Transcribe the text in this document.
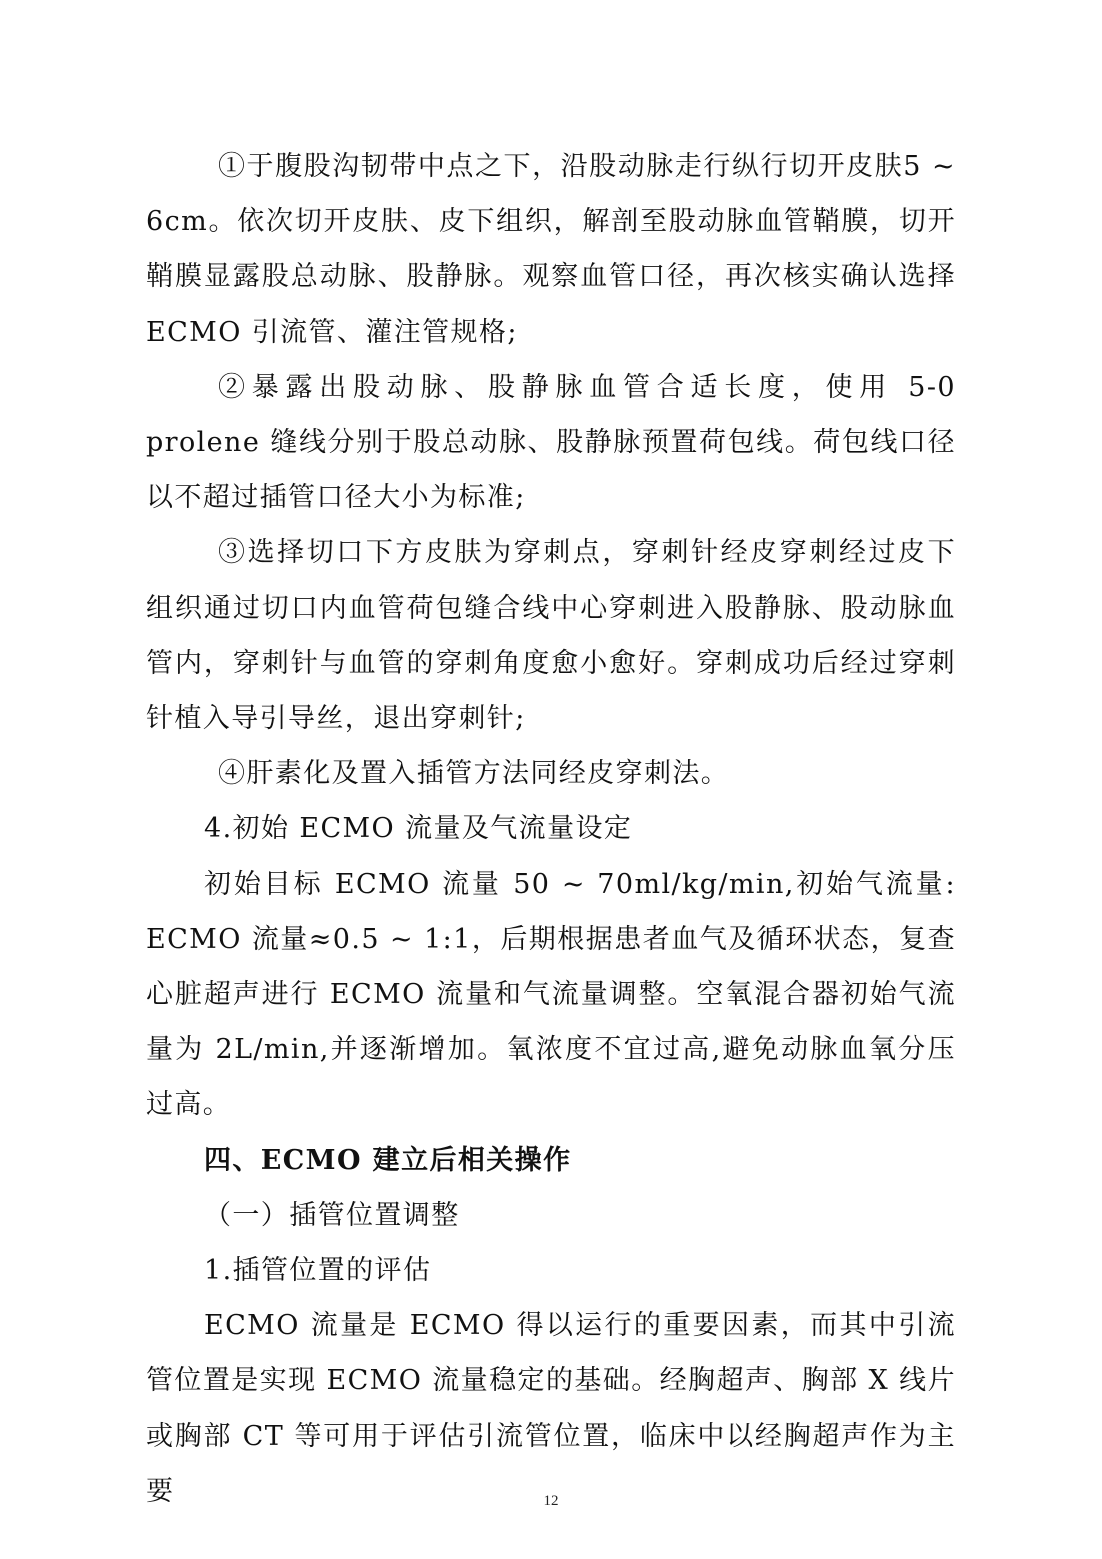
①于腹股沟韧带中点之下，沿股动脉走行纵行切开皮肤5 ~ 6cm。依次切开皮肤、皮下组织，解剖至股动脉血管鞘膜，切开鞘膜显露股总动脉、股静脉。观察血管口径，再次核实确认选择 ECMO 引流管、灌注管规格;

②暴露出股动脉、股静脉血管合适长度，使用 5-0 prolene 缝线分别于股总动脉、股静脉预置荷包线。荷包线口径以不超过插管口径大小为标准;

③选择切口下方皮肤为穿刺点，穿刺针经皮穿刺经过皮下组织通过切口内血管荷包缝合线中心穿刺进入股静脉、股动脉血管内，穿刺针与血管的穿刺角度愈小愈好。穿刺成功后经过穿刺针植入导引导丝，退出穿刺针;

④肝素化及置入插管方法同经皮穿刺法。

4.初始 ECMO 流量及气流量设定

初始目标 ECMO 流量 50 ~ 70ml/kg/min,初始气流量: ECMO 流量≈0.5 ~ 1:1，后期根据患者血气及循环状态，复查心脏超声进行 ECMO 流量和气流量调整。空氧混合器初始气流量为 2L/min,并逐渐增加。氧浓度不宜过高,避免动脉血氧分压过高。

四、ECMO 建立后相关操作

（一）插管位置调整

1.插管位置的评估

ECMO 流量是 ECMO 得以运行的重要因素，而其中引流管位置是实现 ECMO 流量稳定的基础。经胸超声、胸部 X 线片或胸部 CT 等可用于评估引流管位置，临床中以经胸超声作为主要	12
